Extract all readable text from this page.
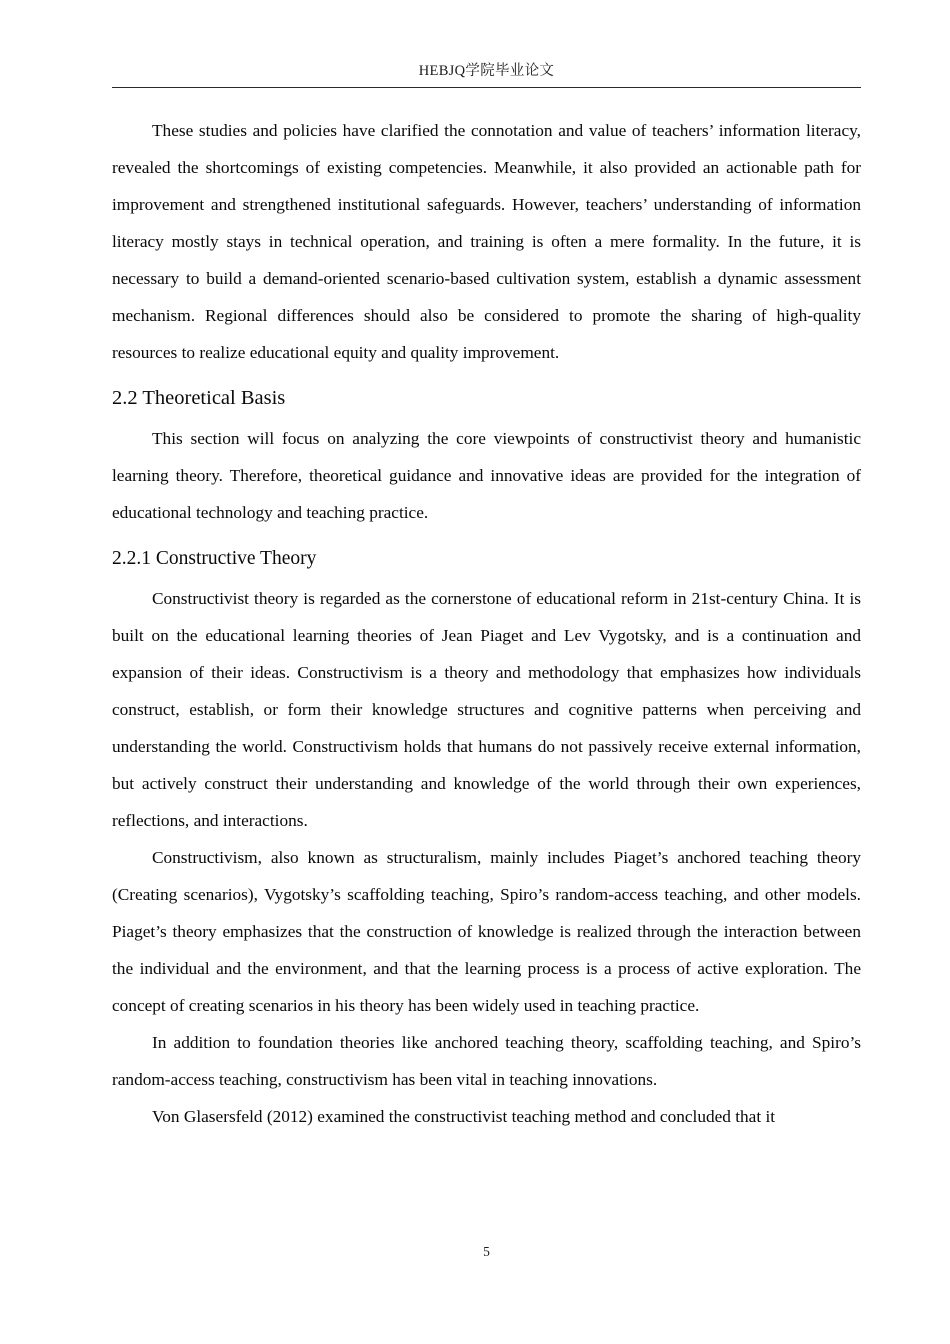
HEBJQ学院毕业论文

These studies and policies have clarified the connotation and value of teachers’ information literacy, revealed the shortcomings of existing competencies. Meanwhile, it also provided an actionable path for improvement and strengthened institutional safeguards. However, teachers’ understanding of information literacy mostly stays in technical operation, and training is often a mere formality. In the future, it is necessary to build a demand-oriented scenario-based cultivation system, establish a dynamic assessment mechanism. Regional differences should also be considered to promote the sharing of high-quality resources to realize educational equity and quality improvement.

2.2 Theoretical Basis

This section will focus on analyzing the core viewpoints of constructivist theory and humanistic learning theory. Therefore, theoretical guidance and innovative ideas are provided for the integration of educational technology and teaching practice.

2.2.1 Constructive Theory

Constructivist theory is regarded as the cornerstone of educational reform in 21st-century China. It is built on the educational learning theories of Jean Piaget and Lev Vygotsky, and is a continuation and expansion of their ideas. Constructivism is a theory and methodology that emphasizes how individuals construct, establish, or form their knowledge structures and cognitive patterns when perceiving and understanding the world. Constructivism holds that humans do not passively receive external information, but actively construct their understanding and knowledge of the world through their own experiences, reflections, and interactions.

Constructivism, also known as structuralism, mainly includes Piaget’s anchored teaching theory (Creating scenarios), Vygotsky’s scaffolding teaching, Spiro’s random-access teaching, and other models. Piaget’s theory emphasizes that the construction of knowledge is realized through the interaction between the individual and the environment, and that the learning process is a process of active exploration. The concept of creating scenarios in his theory has been widely used in teaching practice.

In addition to foundation theories like anchored teaching theory, scaffolding teaching, and Spiro’s random-access teaching, constructivism has been vital in teaching innovations.

Von Glasersfeld (2012) examined the constructivist teaching method and concluded that it

5
